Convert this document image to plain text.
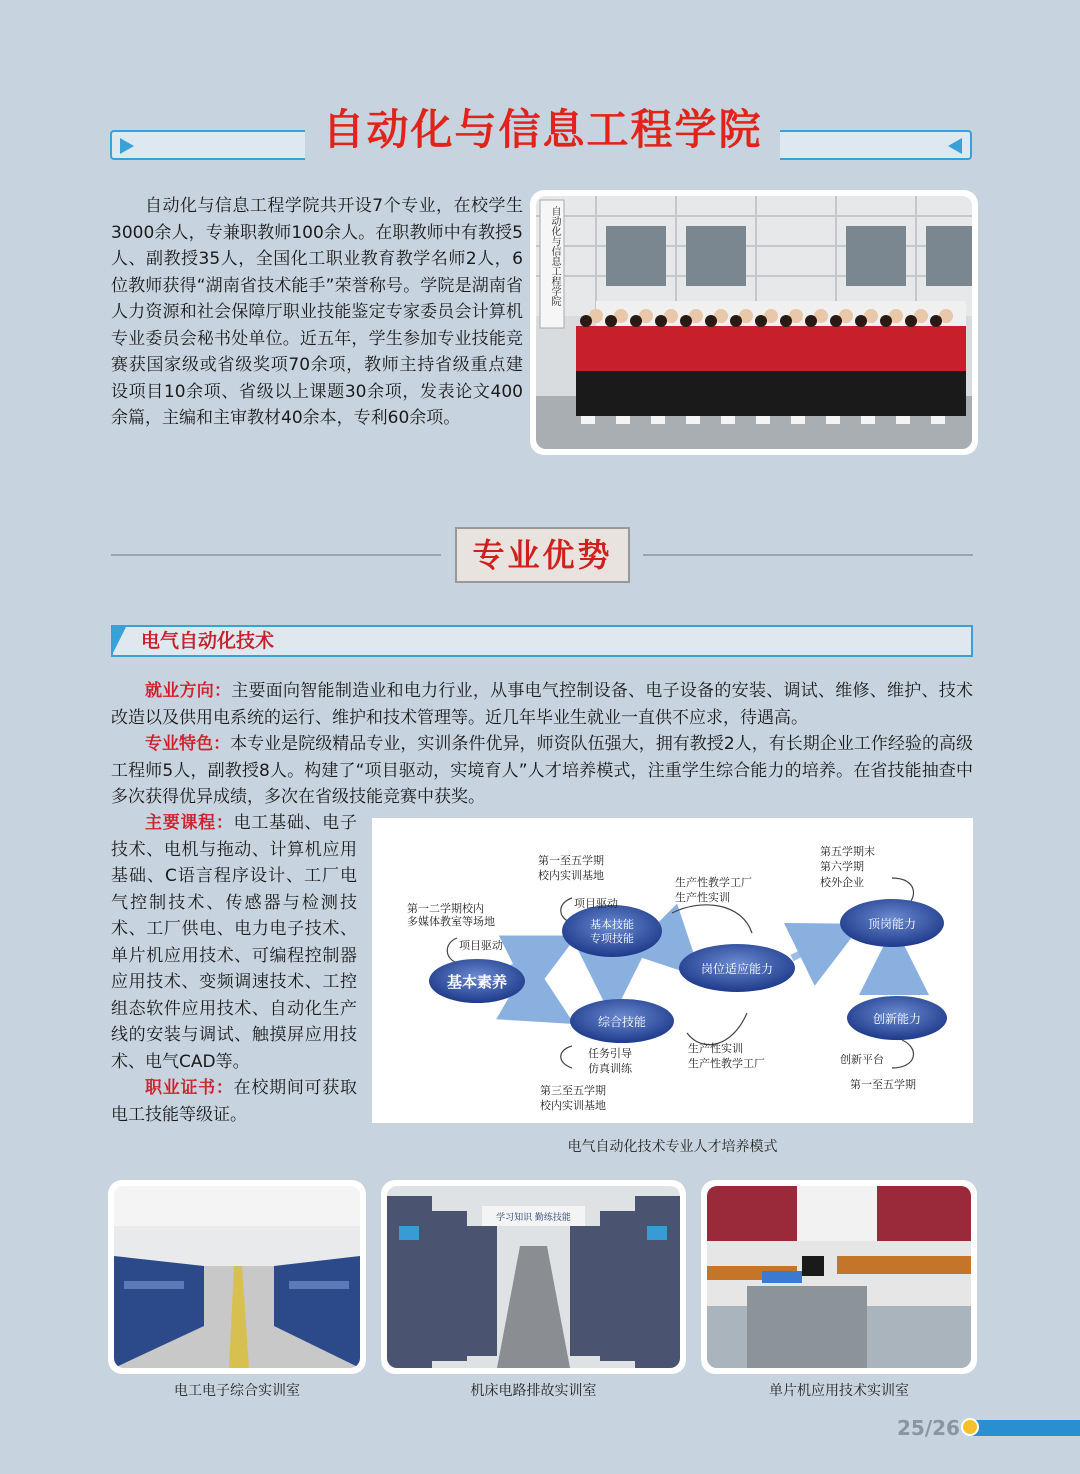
自动化与信息工程学院

自动化与信息工程学院共开设7个专业，在校学生3000余人，专兼职教师100余人。在职教师中有教授5人、副教授35人，全国化工职业教育教学名师2人，6位教师获得“湖南省技术能手”荣誉称号。学院是湖南省人力资源和社会保障厅职业技能鉴定专家委员会计算机专业委员会秘书处单位。近五年，学生参加专业技能竞赛获国家级或省级奖项70余项，教师主持省级重点建设项目10余项、省级以上课题30余项，发表论文400余篇，主编和主审教材40余本，专利60余项。

自动化与信息工程学院
专业优势
电气自动化技术

就业方向：主要面向智能制造业和电力行业，从事电气控制设备、电子设备的安装、调试、维修、维护、技术改造以及供用电系统的运行、维护和技术管理等。近几年毕业生就业一直供不应求，待遇高。

专业特色：本专业是院级精品专业，实训条件优异，师资队伍强大，拥有教授2人，有长期企业工作经验的高级工程师5人，副教授8人。构建了“项目驱动，实境育人”人才培养模式，注重学生综合能力的培养。在省技能抽查中多次获得优异成绩，多次在省级技能竞赛中获奖。

主要课程：电工基础、电子技术、电机与拖动、计算机应用基础、C语言程序设计、工厂电气控制技术、传感器与检测技术、工厂供电、电力电子技术、单片机应用技术、可编程控制器应用技术、变频调速技术、工控组态软件应用技术、自动化生产线的安装与调试、触摸屏应用技术、电气CAD等。

职业证书：在校期间可获取电工技能等级证。

基本素养
基本技能
专项技能
综合技能
岗位适应能力
顶岗能力
创新能力
第一二学期校内
多媒体教室等场地
项目驱动
第一至五学期
校内实训基地
项目驱动
生产性教学工厂
生产性实训
第五学期末
第六学期
校外企业
任务引导
仿真训练
第三至五学期
校内实训基地
生产性实训
生产性教学工厂	创新平台
第一至五学期
电气自动化技术专业人才培养模式
电工电子综合实训室
学习知识 勤练技能
机床电路排故实训室	单片机应用技术实训室
25/26
